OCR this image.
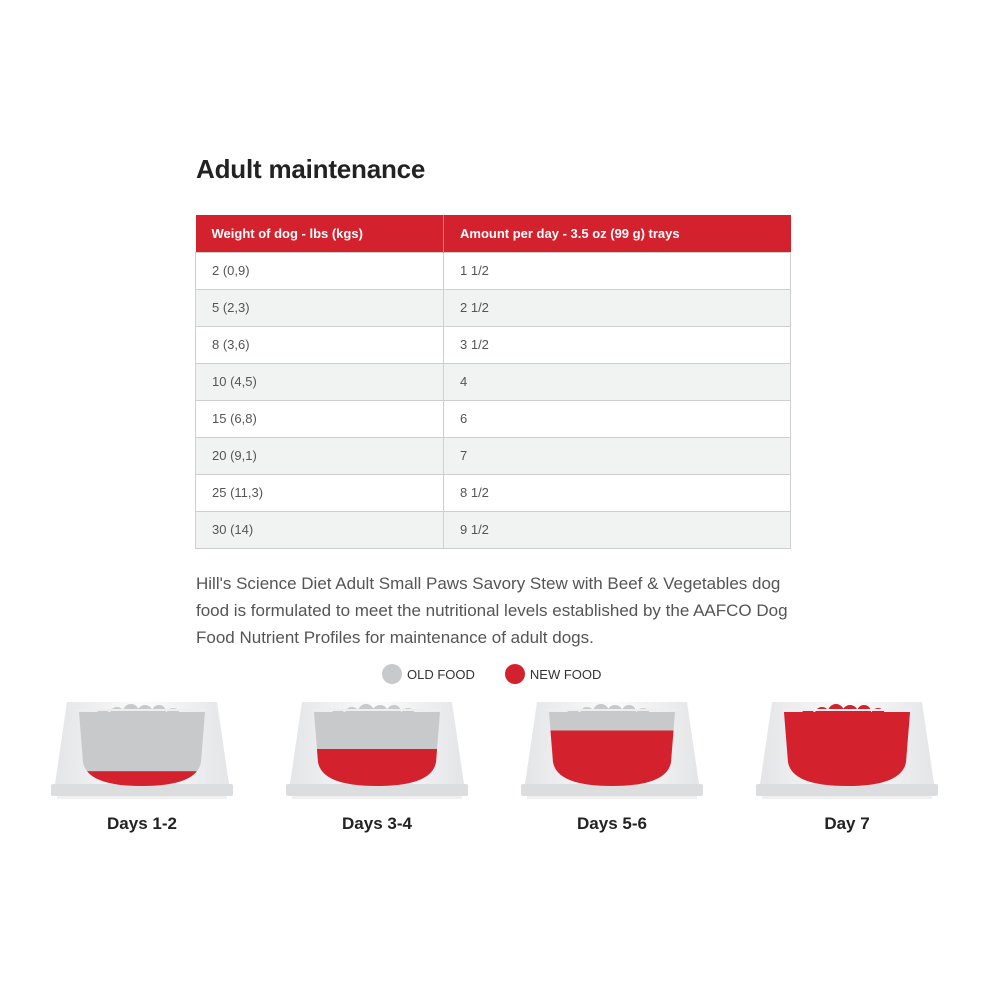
Adult maintenance
Weight of dog - lbs (kgs)	Amount per day - 3.5 oz (99 g) trays
2 (0,9)	1 1/2
5 (2,3)	2 1/2
8 (3,6)	3 1/2
10 (4,5)	4
15 (6,8)	6
20 (9,1)	7
25 (11,3)	8 1/2
30 (14)	9 1/2

Hill's Science Diet Adult Small Paws Savory Stew with Beef & Vegetables dog food is formulated to meet the nutritional levels established by the AAFCO Dog Food Nutrient Profiles for maintenance of adult dogs.

OLD FOOD	NEW FOOD
Days 1-2	Days 3-4	Days 5-6	Day 7
